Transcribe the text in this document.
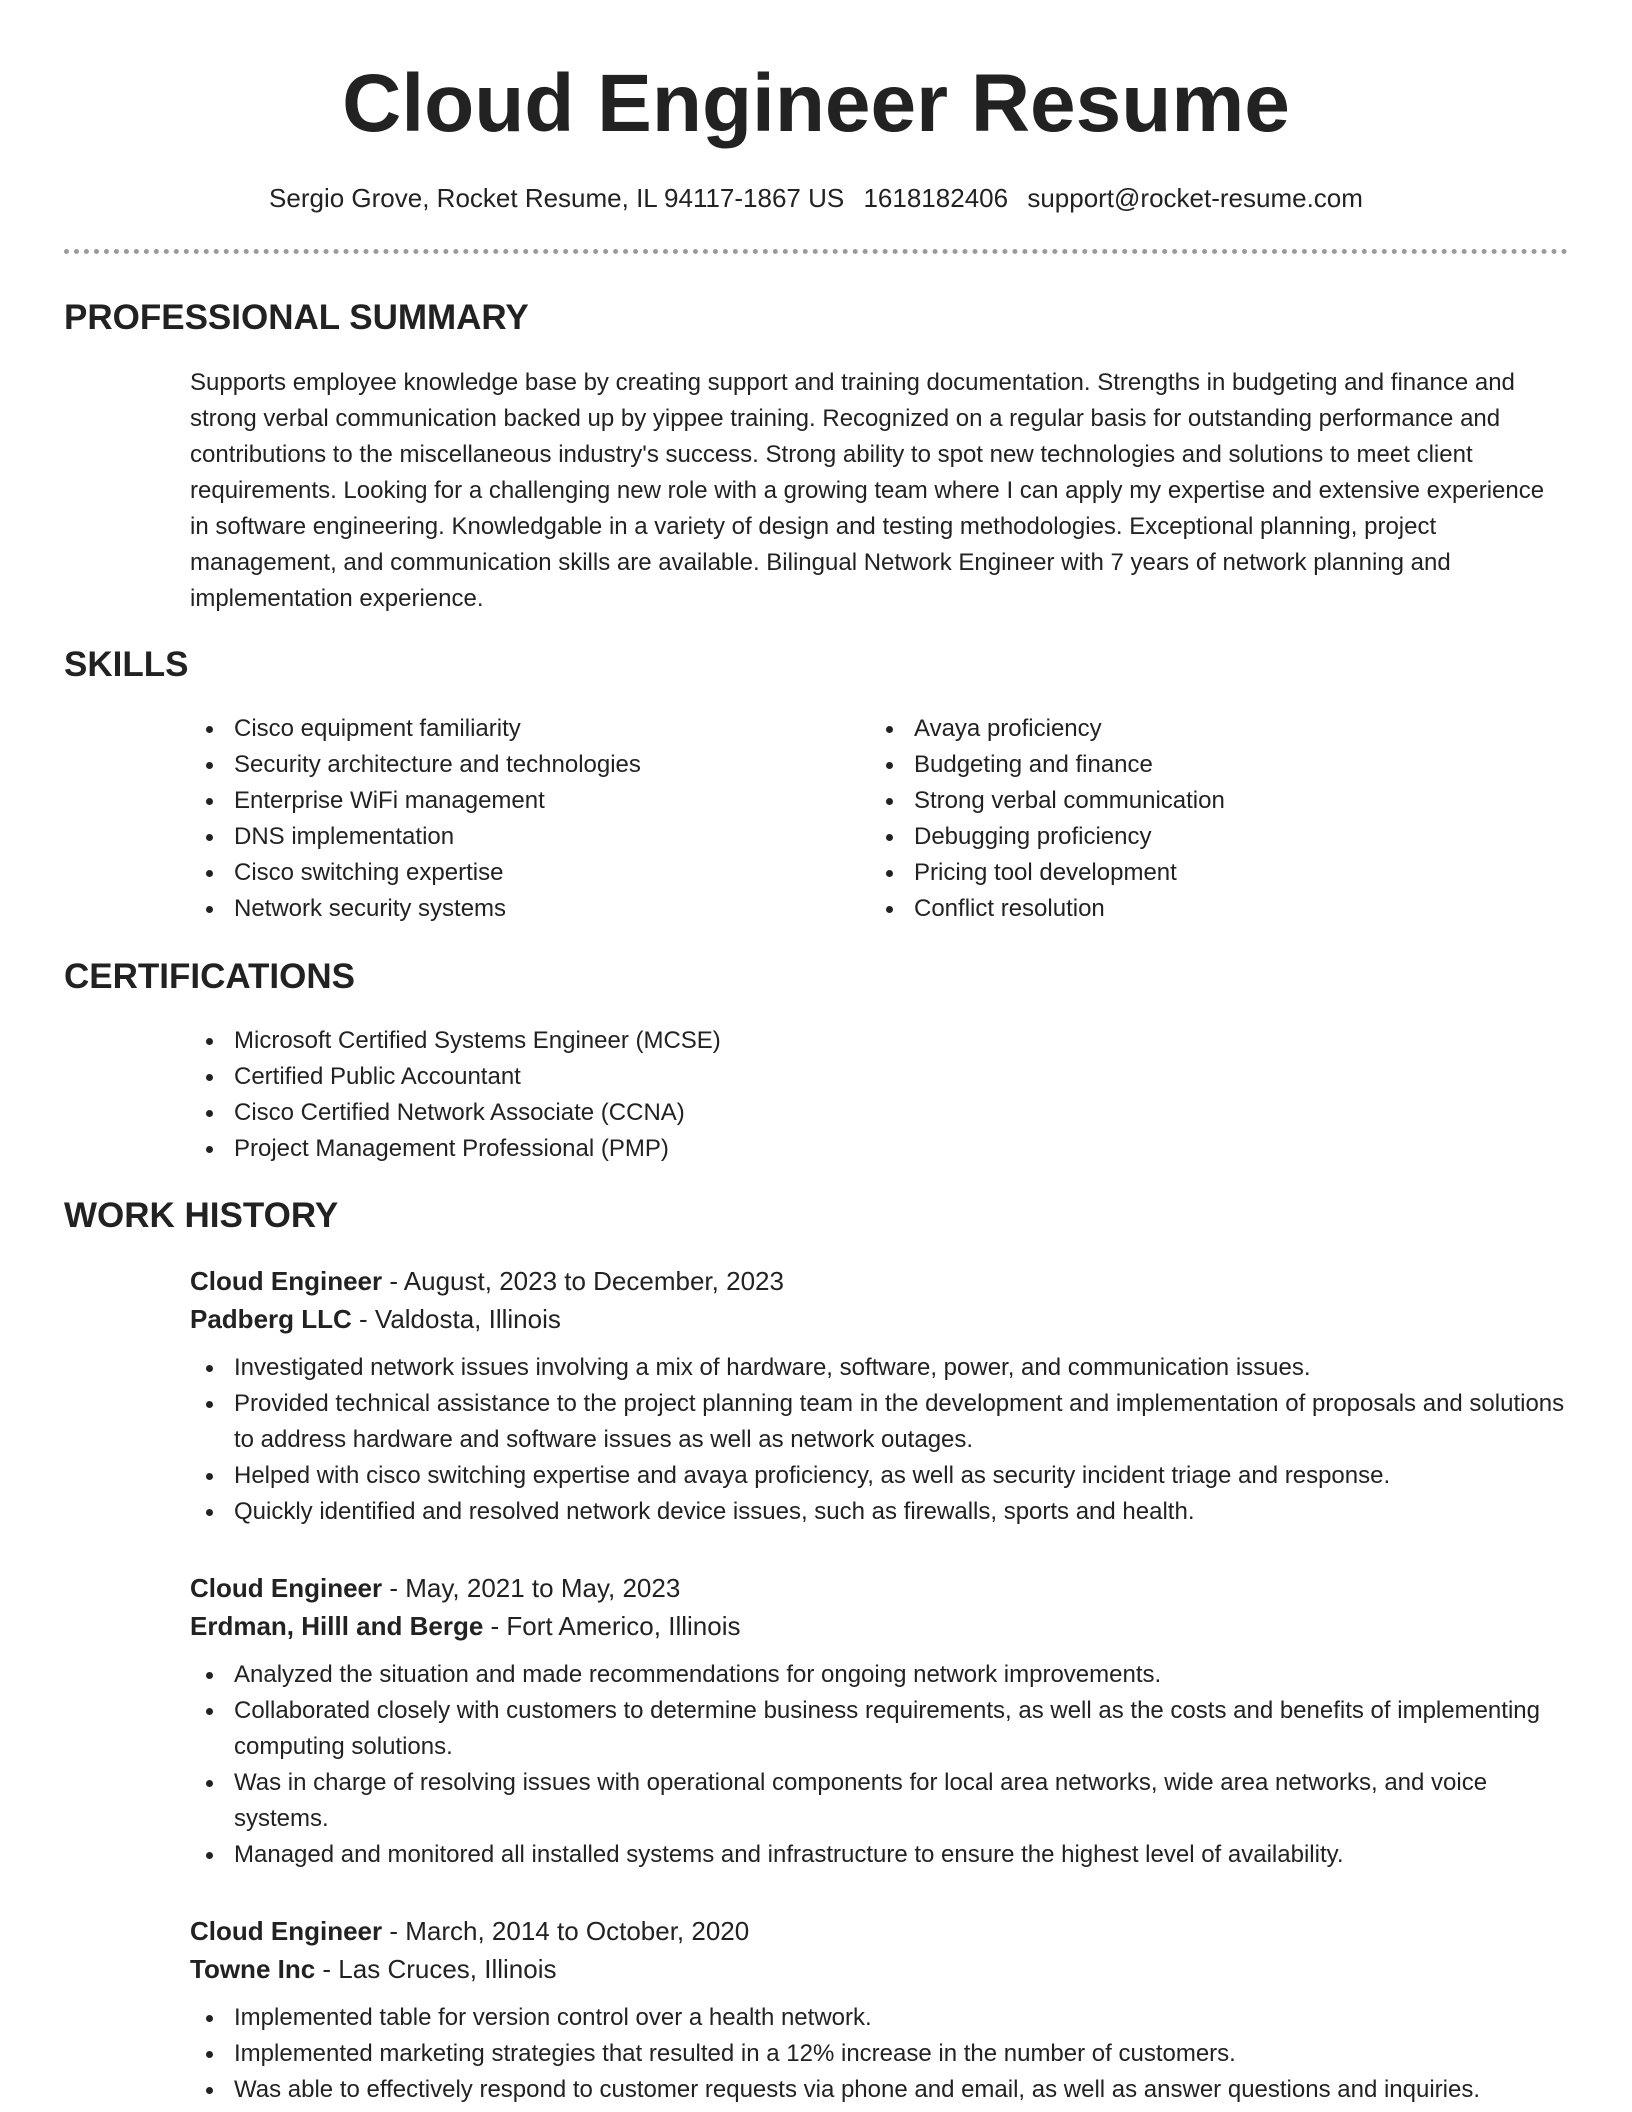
Cloud Engineer Resume
Sergio Grove, Rocket Resume, IL 94117-1867 US 1618182406 support@rocket-resume.com
PROFESSIONAL SUMMARY

Supports employee knowledge base by creating support and training documentation. Strengths in budgeting and finance and strong verbal communication backed up by yippee training. Recognized on a regular basis for outstanding performance and contributions to the miscellaneous industry's success. Strong ability to spot new technologies and solutions to meet client requirements. Looking for a challenging new role with a growing team where I can apply my expertise and extensive experience in software engineering. Knowledgable in a variety of design and testing methodologies. Exceptional planning, project management, and communication skills are available. Bilingual Network Engineer with 7 years of network planning and implementation experience.

SKILLS
Cisco equipment familiarity
Security architecture and technologies
Enterprise WiFi management
DNS implementation
Cisco switching expertise
Network security systems
Avaya proficiency
Budgeting and finance
Strong verbal communication
Debugging proficiency
Pricing tool development
Conflict resolution
CERTIFICATIONS
Microsoft Certified Systems Engineer (MCSE)
Certified Public Accountant
Cisco Certified Network Associate (CCNA)
Project Management Professional (PMP)
WORK HISTORY
Cloud Engineer - August, 2023 to December, 2023
Padberg LLC - Valdosta, Illinois
Investigated network issues involving a mix of hardware, software, power, and communication issues.
Provided technical assistance to the project planning team in the development and implementation of proposals and solutions to address hardware and software issues as well as network outages.
Helped with cisco switching expertise and avaya proficiency, as well as security incident triage and response.
Quickly identified and resolved network device issues, such as firewalls, sports and health.
Cloud Engineer - May, 2021 to May, 2023
Erdman, Hilll and Berge - Fort Americo, Illinois
Analyzed the situation and made recommendations for ongoing network improvements.
Collaborated closely with customers to determine business requirements, as well as the costs and benefits of implementing computing solutions.
Was in charge of resolving issues with operational components for local area networks, wide area networks, and voice systems.
Managed and monitored all installed systems and infrastructure to ensure the highest level of availability.
Cloud Engineer - March, 2014 to October, 2020
Towne Inc - Las Cruces, Illinois
Implemented table for version control over a health network.
Implemented marketing strategies that resulted in a 12% increase in the number of customers.
Was able to effectively respond to customer requests via phone and email, as well as answer questions and inquiries.
